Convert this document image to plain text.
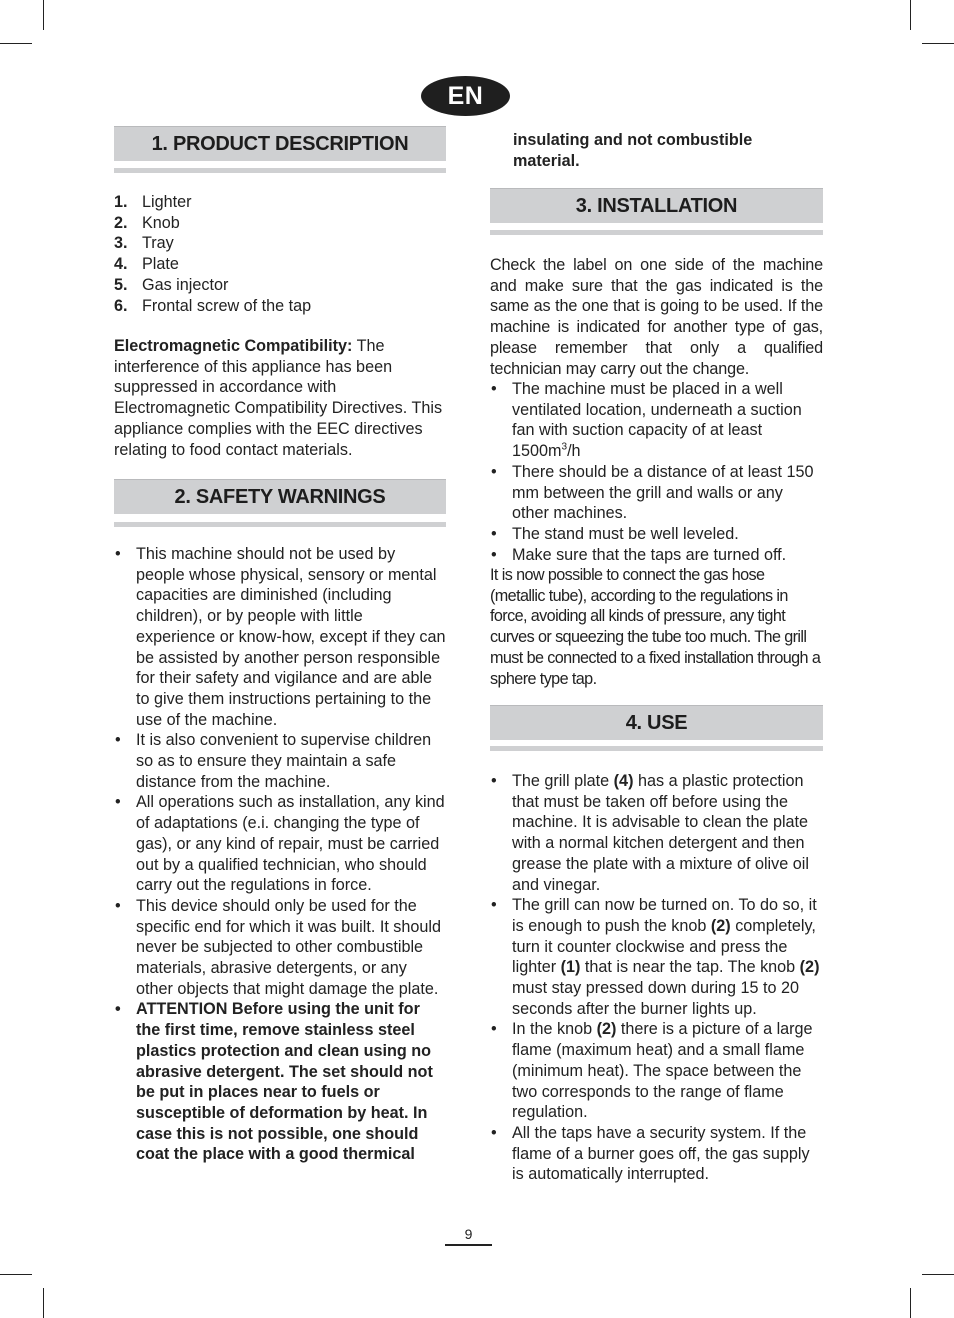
EN
1. PRODUCT DESCRIPTION
1. Lighter
2. Knob
3. Tray
4. Plate
5. Gas injector
6. Frontal screw of the tap

Electromagnetic Compatibility: The interference of this appliance has been suppressed in accordance with Electromagnetic Compatibility Directives. This appliance complies with the EEC directives relating to food contact materials.

2. SAFETY WARNINGS
• This machine should not be used by people whose physical, sensory or mental capacities are diminished (including children), or by people with little experience or know-how, except if they can be assisted by another person responsible for their safety and vigilance and are able to give them instructions pertaining to the use of the machine.
• It is also convenient to supervise children so as to ensure they maintain a safe distance from the machine.
• All operations such as installation, any kind of adaptations (e.i. changing the type of gas), or any kind of repair, must be carried out by a qualified technician, who should carry out the regulations in force.
• This device should only be used for the specific end for which it was built. It should never be subjected to other combustible materials, abrasive detergents, or any other objects that might damage the plate.
• ATTENTION Before using the unit for the first time, remove stainless steel plastics protection and clean using no abrasive detergent. The set should not be put in places near to fuels or susceptible of deformation by heat. In case this is not possible, one should coat the place with a good thermical

insulating and not combustible material.

3. INSTALLATION

Check the label on one side of the machine and make sure that the gas indicated is the same as the one that is going to be used. If the machine is indicated for another type of gas, please remember that only a qualified technician may carry out the change.

• The machine must be placed in a well ventilated location, underneath a suction fan with suction capacity of at least $1500m^3/h$
• There should be a distance of at least 150 mm between the grill and walls or any other machines.
• The stand must be well leveled.
• Make sure that the taps are turned off.

It is now possible to connect the gas hose (metallic tube), according to the regulations in force, avoiding all kinds of pressure, any tight curves or squeezing the tube too much. The grill must be connected to a fixed installation through a sphere type tap.

4. USE
• The grill plate (4) has a plastic protection that must be taken off before using the machine. It is advisable to clean the plate with a normal kitchen detergent and then grease the plate with a mixture of olive oil and vinegar.
• The grill can now be turned on. To do so, it is enough to push the knob (2) completely, turn it counter clockwise and press the lighter (1) that is near the tap. The knob (2) must stay pressed down during 15 to 20 seconds after the burner lights up.
• In the knob (2) there is a picture of a large flame (maximum heat) and a small flame (minimum heat). The space between the two corresponds to the range of flame regulation.
• All the taps have a security system. If the flame of a burner goes off, the gas supply is automatically interrupted.
9
